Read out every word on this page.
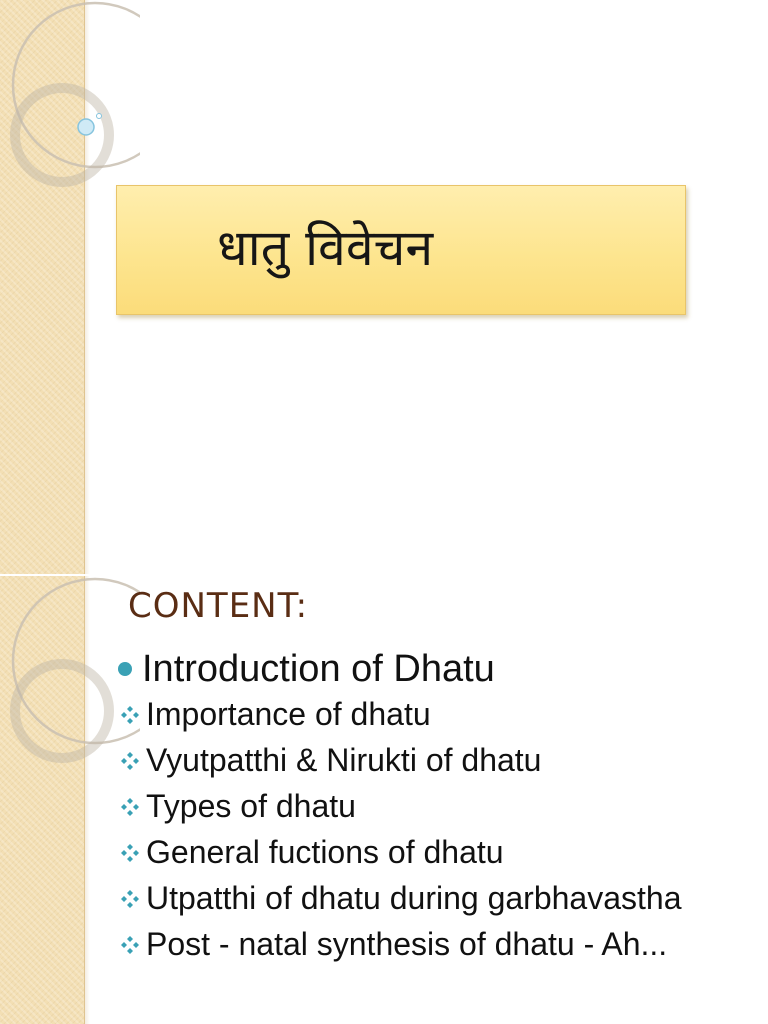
धातु विवेचन
CONTENT:
Introduction of Dhatu
Importance of dhatu
Vyutpatthi & Nirukti of dhatu
Types of dhatu
General fuctions of dhatu
Utpatthi of dhatu during garbhavastha
Post - natal synthesis of dhatu - Ah...
